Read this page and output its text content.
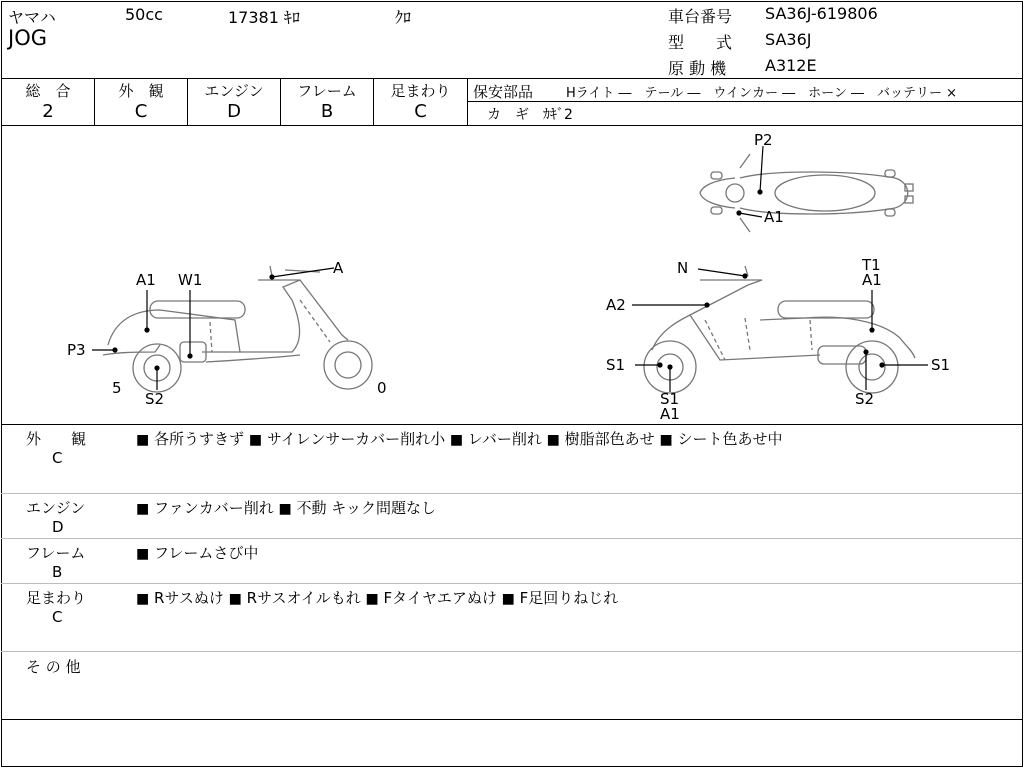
ヤマハ	50cc	17381 ｷﾛ	ｸﾛ
JOG
車台番号 SA36J-619806
型　　式 SA36J
原 動 機 A312E
総　合
2
外　観
C
エンジン
D
フレーム
B
足まわり
C
保安部品	Hライト ―　テール ―　ウインカー ―　ホーン ―　バッテリー ×
カ　ギ　ｶｷﾞ2
P2
A1
A
A1 W1
P3
5
S2
0
N
A2
T1
A1
S1
S1
A1
S2
S1
外　　観
C
■ 各所うすきず ■ サイレンサーカバー削れ小 ■ レバー削れ ■ 樹脂部色あせ ■ シート色あせ中
エンジン
D
■ ファンカバー削れ ■ 不動 キック問題なし
フレーム
B
■ フレームさび中
足まわり
C
■ Rサスぬけ ■ Rサスオイルもれ ■ Fタイヤエアぬけ ■ F足回りねじれ
そ の 他
